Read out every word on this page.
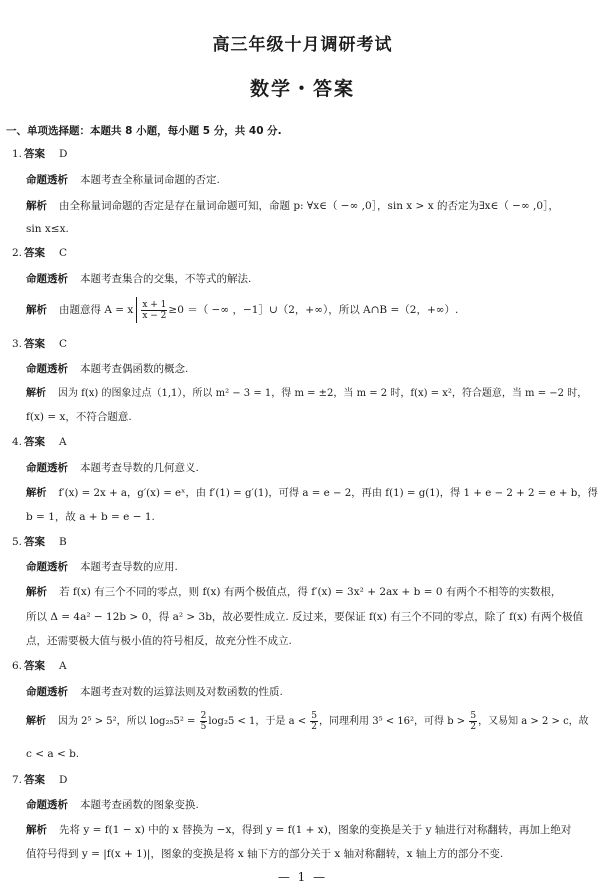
高三年级十月调研考试
数学・答案
一、单项选择题：本题共 8 小题，每小题 5 分，共 40 分.
1. 答案 D
命题透析 本题考查全称量词命题的否定.
解析 由全称量词命题的否定是存在量词命题可知，命题 p: ∀x∈（ −∞ ,0］，sin x > x 的否定为∃x∈（ −∞ ,0］，
sin x≤x.
2. 答案 C
命题透析 本题考查集合的交集，不等式的解法.
解析 由题意得 A = x $\frac{x + 1}{x - 2} \ge 0$ ＝（ −∞ ，−1］∪（2，+∞），所以 A∩B =（2，+∞）.
3. 答案 C
命题透析 本题考查偶函数的概念.
解析 因为 f(x) 的图象过点（1,1），所以 m² − 3 = 1，得 m = ±2，当 m = 2 时，f(x) = x²，符合题意，当 m = −2 时，
f(x) = x，不符合题意.
4. 答案 A
命题透析 本题考查导数的几何意义.
解析 f′(x) = 2x + a，g′(x) = eˣ，由 f′(1) = g′(1)，可得 a = e − 2，再由 f(1) = g(1)，得 1 + e − 2 + 2 = e + b，得
b = 1，故 a + b = e − 1.
5. 答案 B
命题透析 本题考查导数的应用.
解析 若 f(x) 有三个不同的零点，则 f(x) 有两个极值点，得 f′(x) = 3x² + 2ax + b = 0 有两个不相等的实数根，
所以 Δ = 4a² − 12b > 0，得 a² > 3b，故必要性成立. 反过来，要保证 f(x) 有三个不同的零点，除了 f(x) 有两个极值
点，还需要极大值与极小值的符号相反，故充分性不成立.
6. 答案 A
命题透析 本题考查对数的运算法则及对数函数的性质.
解析 因为 2⁵ > 5²，所以 $\log_{25}5^2 = \frac{2}{5} \log_25 < 1$，于是 $a < \frac{5}{2}$ ，同理利用 3⁵ < 16²，可得 $b > \frac{5}{2}$ ，又易知 a > 2 > c，故
c < a < b.
7. 答案 D
命题透析 本题考查函数的图象变换.
解析 先将 y = f(1 − x) 中的 x 替换为 −x，得到 y = f(1 + x)，图象的变换是关于 y 轴进行对称翻转，再加上绝对
值符号得到 y = |f(x + 1)|，图象的变换是将 x 轴下方的部分关于 x 轴对称翻转，x 轴上方的部分不变.
— 1 —
